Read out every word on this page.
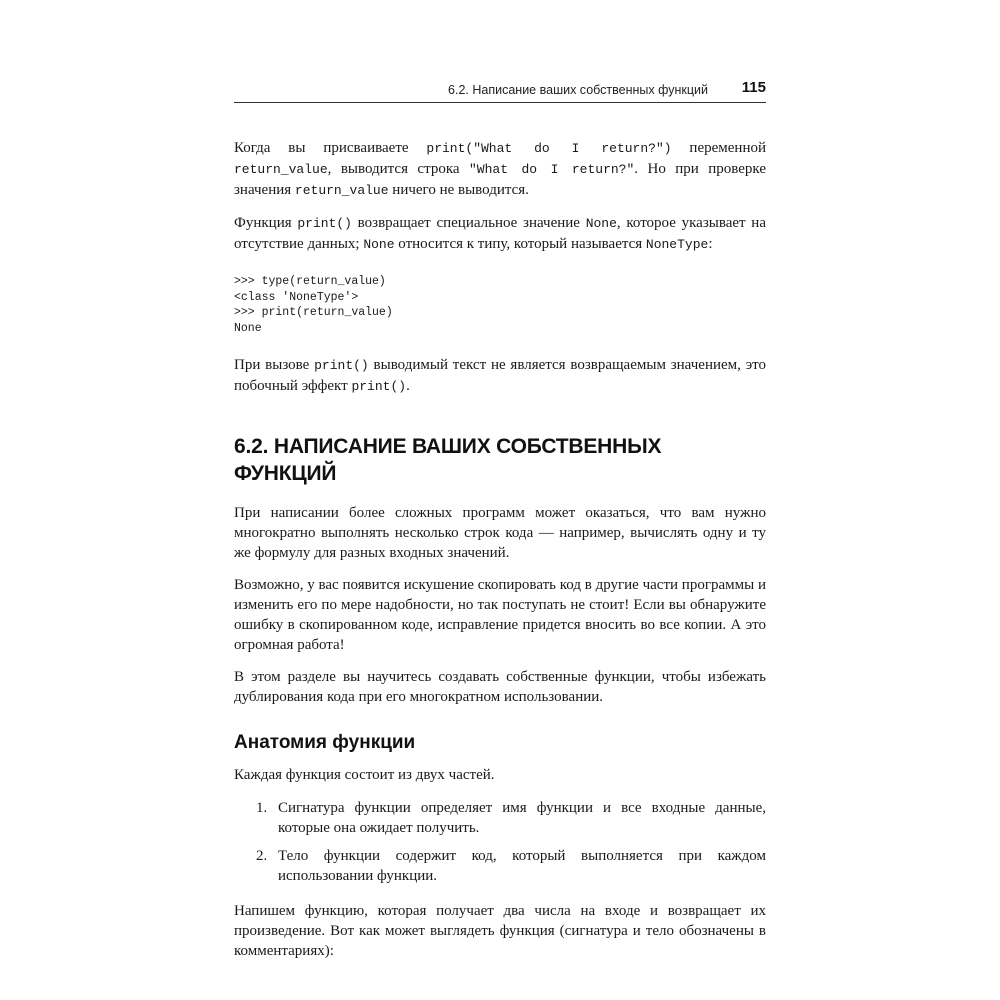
6.2. Написание ваших собственных функций 115

Когда вы присваиваете print("What do I return?") переменной return_value, выводится строка "What do I return?". Но при проверке значения return_value ничего не выводится.

Функция print() возвращает специальное значение None, которое указывает на отсутствие данных; None относится к типу, который называется NoneType:

>>> type(return_value)
<class 'NoneType'>
>>> print(return_value)
None

При вызове print() выводимый текст не является возвращаемым значением, это побочный эффект print().

6.2. НАПИСАНИЕ ВАШИХ СОБСТВЕННЫХ
ФУНКЦИЙ

При написании более сложных программ может оказаться, что вам нужно многократно выполнять несколько строк кода — например, вычислять одну и ту же формулу для разных входных значений.

Возможно, у вас появится искушение скопировать код в другие части программы и изменить его по мере надобности, но так поступать не стоит! Если вы обнаружите ошибку в скопированном коде, исправление придется вносить во все копии. А это огромная работа!

В этом разделе вы научитесь создавать собственные функции, чтобы избежать дублирования кода при его многократном использовании.

Анатомия функции

Каждая функция состоит из двух частей.

1. Сигнатура функции определяет имя функции и все входные данные, которые она ожидает получить.
2. Тело функции содержит код, который выполняется при каждом использовании функции.

Напишем функцию, которая получает два числа на входе и возвращает их произведение. Вот как может выглядеть функция (сигнатура и тело обозначены в комментариях):
